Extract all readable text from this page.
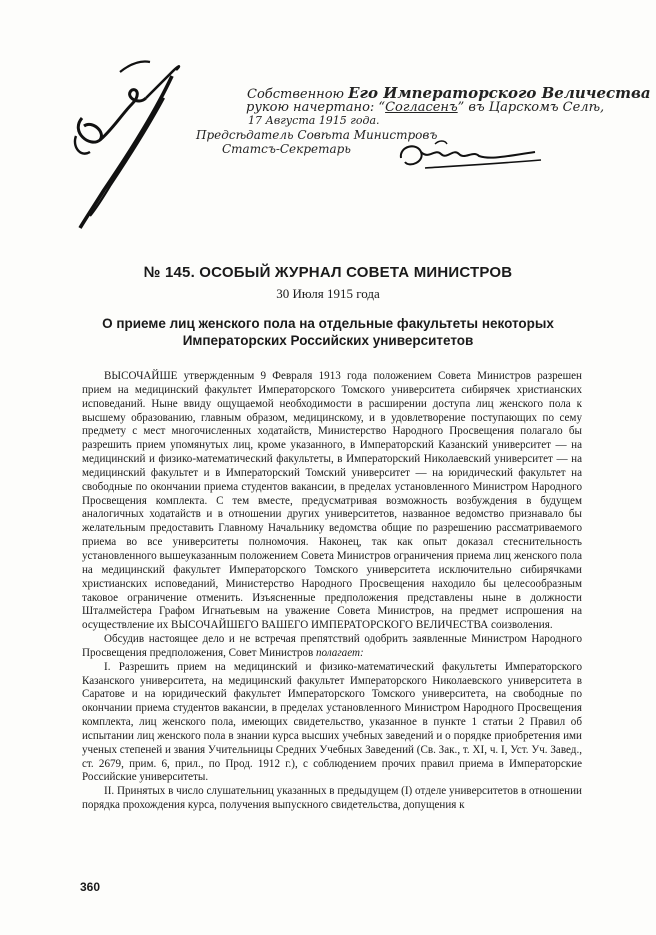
Собственною Его Императорского Величества
рукою начертано: “Согласенъ” въ Царскомъ Селѣ,
17 Августа 1915 года.
Предсѣдатель Совѣта Министровъ
Статсъ-Секретарь
№ 145. ОСОБЫЙ ЖУРНАЛ СОВЕТА МИНИСТРОВ
30 Июля 1915 года
О приеме лиц женского пола на отдельные факультеты некоторых
Императорских Российских университетов

ВЫСОЧАЙШЕ утвержденным 9 Февраля 1913 года положением Совета Министров разрешен прием на медицинский факультет Императорского Томского университета сибирячек христианских исповеданий. Ныне ввиду ощущаемой необходимости в расширении доступа лиц женского пола к высшему образованию, главным образом, медицинскому, и в удовлетворение поступающих по сему предмету с мест многочисленных ходатайств, Министерство Народного Просвещения полагало бы разрешить прием упомянутых лиц, кроме указанного, в Императорский Казанский университет — на медицинский и физико-математический факультеты, в Императорский Николаевский университет — на медицинский факультет и в Императорский Томский университет — на юридический факультет на свободные по окончании приема студентов вакансии, в пределах установленного Министром Народного Просвещения комплекта. С тем вместе, предусматривая возможность возбуждения в будущем аналогичных ходатайств и в отношении других университетов, названное ведомство признавало бы желательным предоставить Главному Начальнику ведомства общие по разрешению рассматриваемого приема во все университеты полномочия. Наконец, так как опыт доказал стеснительность установленного вышеуказанным положением Совета Министров ограничения приема лиц женского пола на медицинский факультет Императорского Томского университета исключительно сибирячками христианских исповеданий, Министерство Народного Просвещения находило бы целесообразным таковое ограничение отменить. Изъясненные предположения представлены ныне в должности Шталмейстера Графом Игнатьевым на уважение Совета Министров, на предмет испрошения на осуществление их ВЫСОЧАЙШЕГО ВАШЕГО ИМПЕРАТОРСКОГО ВЕЛИЧЕСТВА соизволения.

Обсудив настоящее дело и не встречая препятствий одобрить заявленные Министром Народного Просвещения предположения, Совет Министров полагает:

I. Разрешить прием на медицинский и физико-математический факультеты Императорского Казанского университета, на медицинский факультет Императорского Николаевского университета в Саратове и на юридический факультет Императорского Томского университета, на свободные по окончании приема студентов вакансии, в пределах установленного Министром Народного Просвещения комплекта, лиц женского пола, имеющих свидетельство, указанное в пункте 1 статьи 2 Правил об испытании лиц женского пола в знании курса высших учебных заведений и о порядке приобретения ими ученых степеней и звания Учительницы Средних Учебных Заведений (Св. Зак., т. XI, ч. I, Уст. Уч. Завед., ст. 2679, прим. 6, прил., по Прод. 1912 г.), с соблюдением прочих правил приема в Императорские Российские университеты.

II. Принятых в число слушательниц указанных в предыдущем (I) отделе университетов в отношении порядка прохождения курса, получения выпускного свидетельства, допущения к

360
